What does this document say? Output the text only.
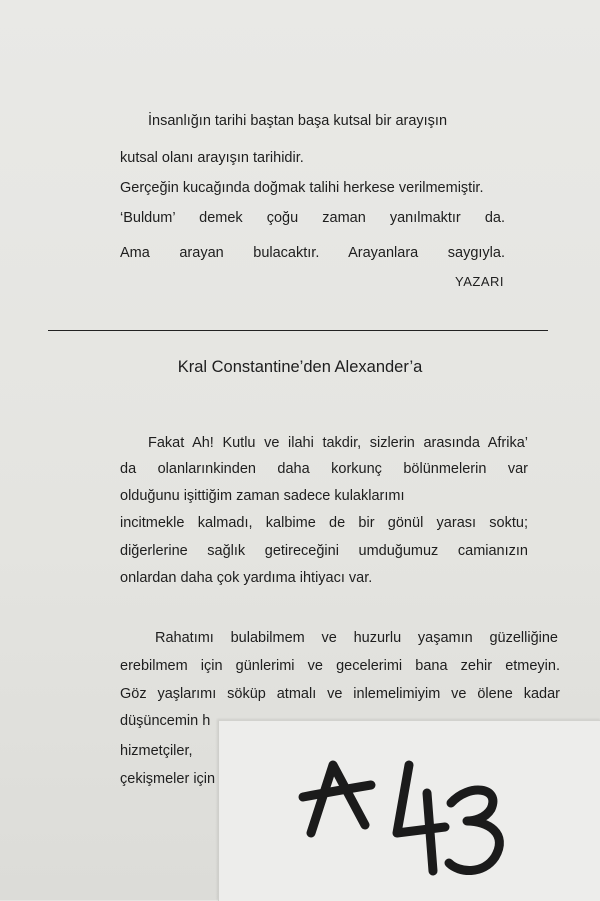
İnsanlığın tarihi baştan başa kutsal bir arayışın
kutsal olanı arayışın tarihidir.
Gerçeğin kucağında doğmak talihi herkese verilmemiştir.
‘Buldum’ demek çoğu zaman yanılmaktır da.
Ama arayan bulacaktır. Arayanlara saygıyla.
YAZARI
Kral Constantine’den Alexander’a
Fakat Ah! Kutlu ve ilahi takdir, sizlerin arasında Afrika’
da olanlarınkinden daha korkunç bölünmelerin var
olduğunu işittiğim zaman sadece kulaklarımı
incitmekle kalmadı, kalbime de bir gönül yarası soktu;
diğerlerine sağlık getireceğini umduğumuz camianızın
onlardan daha çok yardıma ihtiyacı var.
Rahatımı bulabilmem ve huzurlu yaşamın güzelliğine
erebilmem için günlerimi ve gecelerimi bana zehir etmeyin.
Göz yaşlarımı söküp atmalı ve inlemelimiyim ve ölene kadar
düşüncemin h
hizmetçiler,
çekişmeler için
